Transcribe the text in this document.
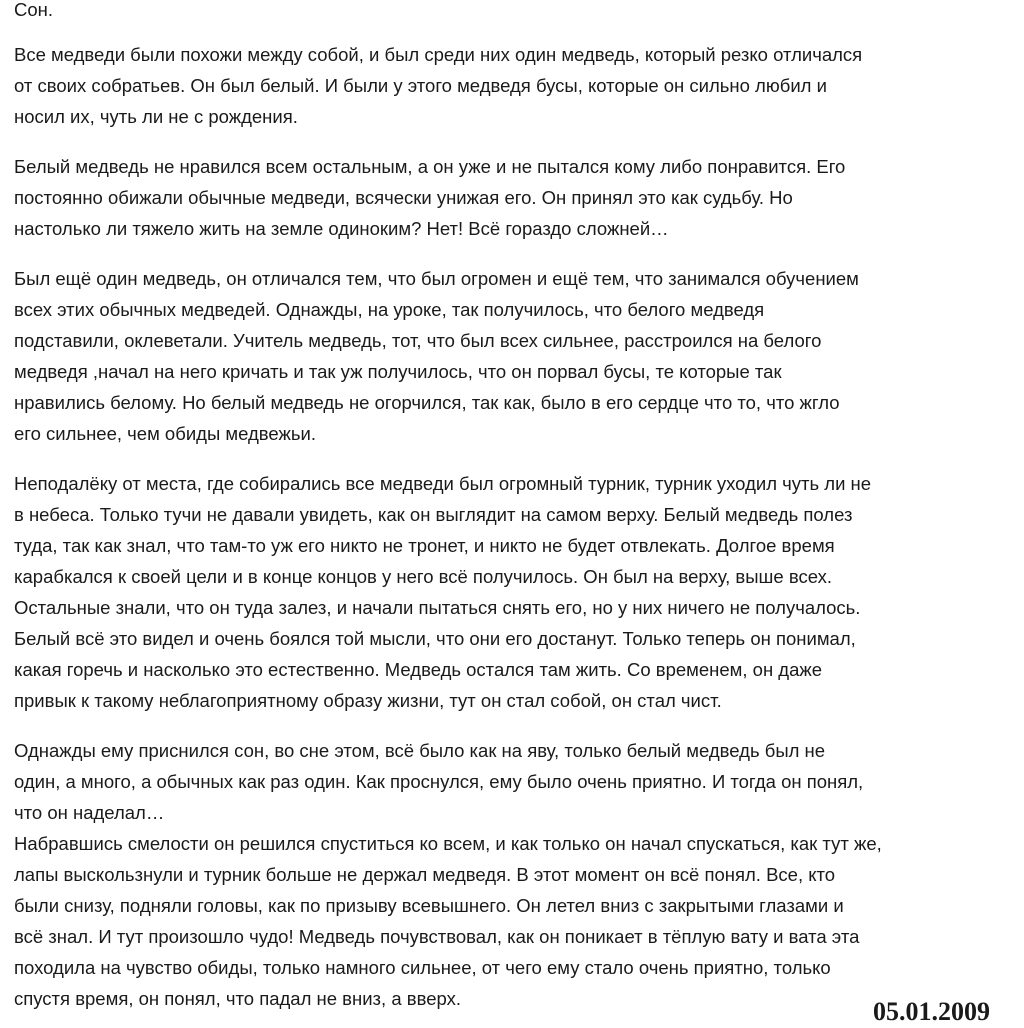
Сон.

Все медведи были похожи между собой, и был среди них один медведь, который резко отличался
от своих собратьев. Он был белый. И были у этого медведя бусы, которые он сильно любил и
носил их, чуть ли не с рождения.

Белый медведь не нравился всем остальным, а он уже и не пытался кому либо понравится. Его
постоянно обижали обычные медведи, всячески унижая его. Он принял это как судьбу. Но
настолько ли тяжело жить на земле одиноким? Нет! Всё гораздо сложней…

Был ещё один медведь, он отличался тем, что был огромен и ещё тем, что занимался обучением
всех этих обычных медведей. Однажды, на уроке, так получилось, что белого медведя
подставили, оклеветали. Учитель медведь, тот, что был всех сильнее, расстроился на белого
медведя ,начал на него кричать и так уж получилось, что он порвал бусы, те которые так
нравились белому. Но белый медведь не огорчился, так как, было в его сердце что то, что жгло
его сильнее, чем обиды медвежьи.

Неподалёку от места, где собирались все медведи был огромный турник, турник уходил чуть ли не
в небеса. Только тучи не давали увидеть, как он выглядит на самом верху. Белый медведь полез
туда, так как знал, что там-то уж его никто не тронет, и никто не будет отвлекать. Долгое время
карабкался к своей цели и в конце концов у него всё получилось. Он был на верху, выше всех.
Остальные знали, что он туда залез, и начали пытаться снять его, но у них ничего не получалось.
Белый всё это видел и очень боялся той мысли, что они его достанут. Только теперь он понимал,
какая горечь и насколько это естественно. Медведь остался там жить. Со временем, он даже
привык к такому неблагоприятному образу жизни, тут он стал собой, он стал чист.

Однажды ему приснился сон, во сне этом, всё было как на яву, только белый медведь был не
один, а много, а обычных как раз один. Как проснулся, ему было очень приятно. И тогда он понял,
что он наделал…

Набравшись смелости он решился спуститься ко всем, и как только он начал спускаться, как тут же,
лапы выскользнули и турник больше не держал медведя. В этот момент он всё понял. Все, кто
были снизу, подняли головы, как по призыву всевышнего. Он летел вниз с закрытыми глазами и
всё знал. И тут произошло чудо! Медведь почувствовал, как он поникает в тёплую вату и вата эта
походила на чувство обиды, только намного сильнее, от чего ему стало очень приятно, только
спустя время, он понял, что падал не вниз, а вверх.	05.01.2009
